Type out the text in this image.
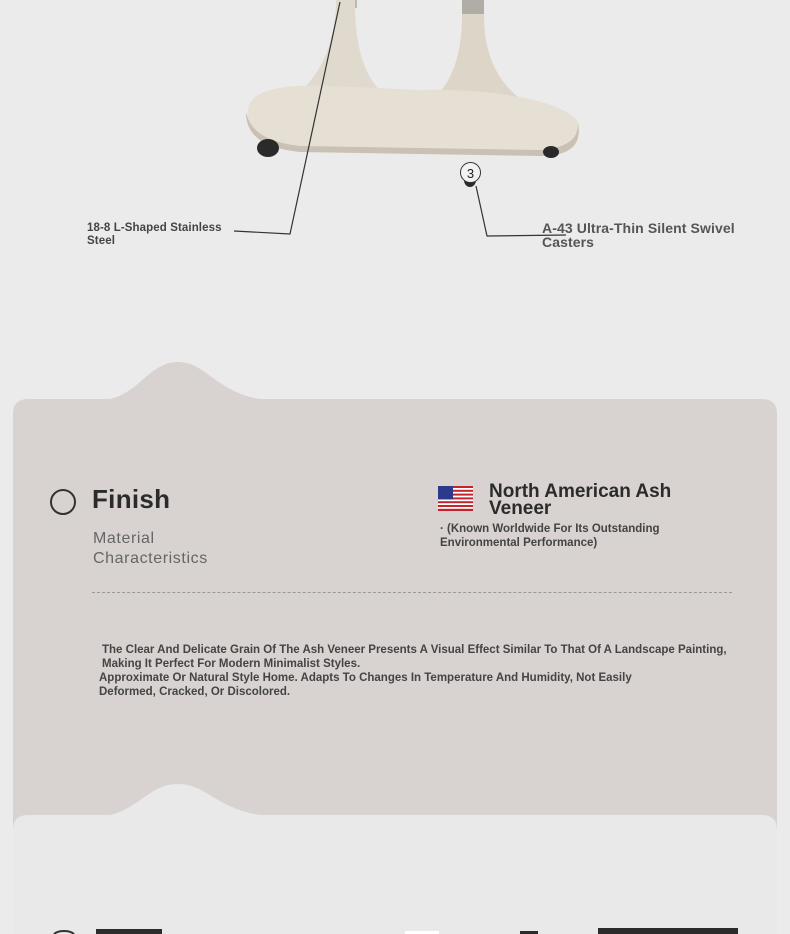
3
18-8 L-Shaped Stainless Steel
A-43 Ultra-Thin Silent Swivel Casters
Finish
Material Characteristics
North American Ash Veneer
· (Known Worldwide For Its Outstanding Environmental Performance)
The Clear And Delicate Grain Of The Ash Veneer Presents A Visual Effect Similar To That Of A Landscape Painting, Making It Perfect For Modern Minimalist Styles.
Approximate Or Natural Style Home. Adapts To Changes In Temperature And Humidity, Not Easily Deformed, Cracked, Or Discolored.
